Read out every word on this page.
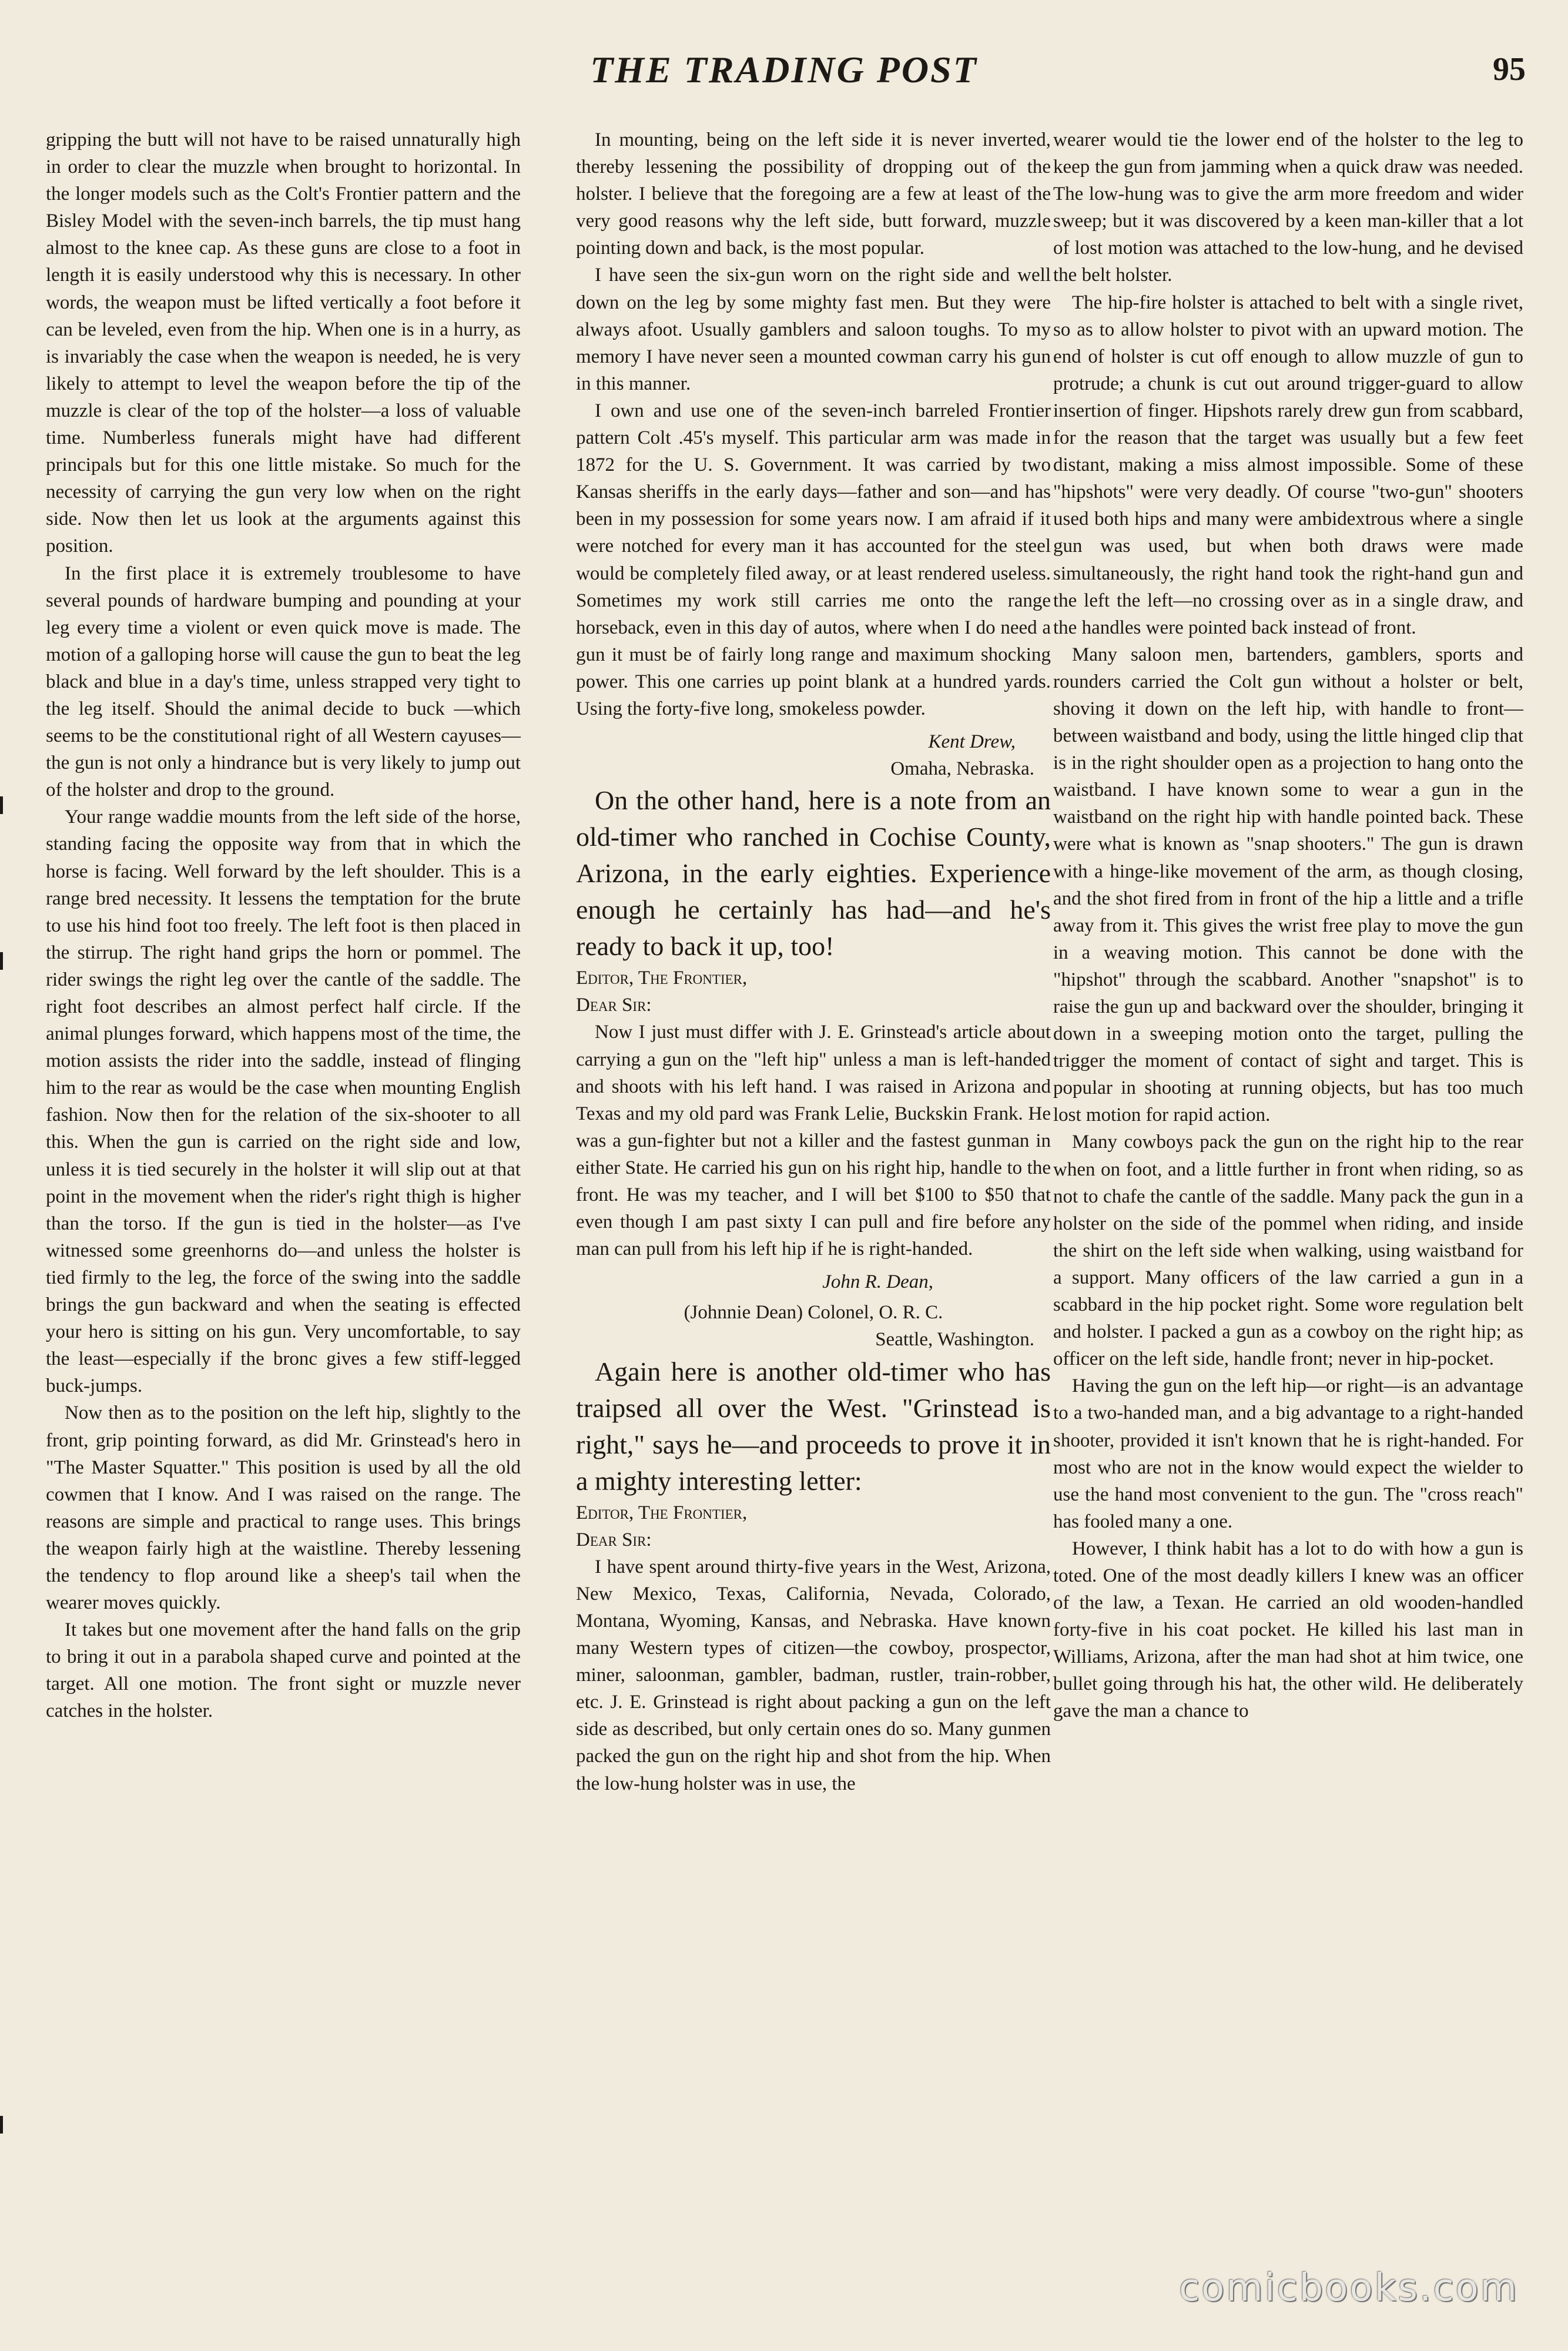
THE TRADING POST	95

gripping the butt will not have to be raised unnaturally high in order to clear the muzzle when brought to horizontal. In the longer models such as the Colt's Frontier pattern and the Bisley Model with the seven-inch barrels, the tip must hang almost to the knee cap. As these guns are close to a foot in length it is easily understood why this is necessary. In other words, the weapon must be lifted vertically a foot before it can be leveled, even from the hip. When one is in a hurry, as is invariably the case when the weapon is needed, he is very likely to attempt to level the weapon before the tip of the muzzle is clear of the top of the holster—a loss of valuable time. Numberless funerals might have had different principals but for this one little mistake. So much for the necessity of carrying the gun very low when on the right side. Now then let us look at the arguments against this position.

In the first place it is extremely troublesome to have several pounds of hardware bumping and pounding at your leg every time a violent or even quick move is made. The motion of a galloping horse will cause the gun to beat the leg black and blue in a day's time, unless strapped very tight to the leg itself. Should the animal decide to buck —which seems to be the constitutional right of all Western cayuses—the gun is not only a hindrance but is very likely to jump out of the holster and drop to the ground.

Your range waddie mounts from the left side of the horse, standing facing the opposite way from that in which the horse is facing. Well forward by the left shoulder. This is a range bred necessity. It lessens the temptation for the brute to use his hind foot too freely. The left foot is then placed in the stirrup. The right hand grips the horn or pommel. The rider swings the right leg over the cantle of the saddle. The right foot describes an almost perfect half circle. If the animal plunges forward, which happens most of the time, the motion assists the rider into the saddle, instead of flinging him to the rear as would be the case when mounting English fashion. Now then for the relation of the six-shooter to all this. When the gun is carried on the right side and low, unless it is tied securely in the holster it will slip out at that point in the movement when the rider's right thigh is higher than the torso. If the gun is tied in the holster—as I've witnessed some greenhorns do—and unless the holster is tied firmly to the leg, the force of the swing into the saddle brings the gun backward and when the seating is effected your hero is sitting on his gun. Very uncomfortable, to say the least—especially if the bronc gives a few stiff-legged buck-jumps.

Now then as to the position on the left hip, slightly to the front, grip pointing forward, as did Mr. Grinstead's hero in "The Master Squatter." This position is used by all the old cowmen that I know. And I was raised on the range. The reasons are simple and practical to range uses. This brings the weapon fairly high at the waistline. Thereby lessening the tendency to flop around like a sheep's tail when the wearer moves quickly.

It takes but one movement after the hand falls on the grip to bring it out in a parabola shaped curve and pointed at the target. All one motion. The front sight or muzzle never catches in the holster.

In mounting, being on the left side it is never inverted, thereby lessening the possibility of dropping out of the holster. I believe that the foregoing are a few at least of the very good reasons why the left side, butt forward, muzzle pointing down and back, is the most popular.

I have seen the six-gun worn on the right side and well down on the leg by some mighty fast men. But they were always afoot. Usually gamblers and saloon toughs. To my memory I have never seen a mounted cowman carry his gun in this manner.

I own and use one of the seven-inch barreled Frontier pattern Colt .45's myself. This particular arm was made in 1872 for the U. S. Government. It was carried by two Kansas sheriffs in the early days—father and son—and has been in my possession for some years now. I am afraid if it were notched for every man it has accounted for the steel would be completely filed away, or at least rendered useless. Sometimes my work still carries me onto the range horseback, even in this day of autos, where when I do need a gun it must be of fairly long range and maximum shocking power. This one carries up point blank at a hundred yards. Using the forty-five long, smokeless powder.

Kent Drew,
Omaha, Nebraska.

On the other hand, here is a note from an old-timer who ranched in Cochise County, Arizona, in the early eighties. Experience enough he certainly has had—and he's ready to back it up, too!

Editor, The Frontier,

Dear Sir:

Now I just must differ with J. E. Grinstead's article about carrying a gun on the "left hip" unless a man is left-handed and shoots with his left hand. I was raised in Arizona and Texas and my old pard was Frank Lelie, Buckskin Frank. He was a gun-fighter but not a killer and the fastest gunman in either State. He carried his gun on his right hip, handle to the front. He was my teacher, and I will bet $100 to $50 that even though I am past sixty I can pull and fire before any man can pull from his left hip if he is right-handed.

John R. Dean,
(Johnnie Dean) Colonel, O. R. C.
Seattle, Washington.

Again here is another old-timer who has traipsed all over the West. "Grinstead is right," says he—and proceeds to prove it in a mighty interesting letter:

Editor, The Frontier,

Dear Sir:

I have spent around thirty-five years in the West, Arizona, New Mexico, Texas, California, Nevada, Colorado, Montana, Wyoming, Kansas, and Nebraska. Have known many Western types of citizen—the cowboy, prospector, miner, saloonman, gambler, badman, rustler, train-robber, etc. J. E. Grinstead is right about packing a gun on the left side as described, but only certain ones do so. Many gunmen packed the gun on the right hip and shot from the hip. When the low-hung holster was in use, the

wearer would tie the lower end of the holster to the leg to keep the gun from jamming when a quick draw was needed. The low-hung was to give the arm more freedom and wider sweep; but it was discovered by a keen man-killer that a lot of lost motion was attached to the low-hung, and he devised the belt holster.

The hip-fire holster is attached to belt with a single rivet, so as to allow holster to pivot with an upward motion. The end of holster is cut off enough to allow muzzle of gun to protrude; a chunk is cut out around trigger-guard to allow insertion of finger. Hipshots rarely drew gun from scabbard, for the reason that the target was usually but a few feet distant, making a miss almost impossible. Some of these "hipshots" were very deadly. Of course "two-gun" shooters used both hips and many were ambidextrous where a single gun was used, but when both draws were made simultaneously, the right hand took the right-hand gun and the left the left—no crossing over as in a single draw, and the handles were pointed back instead of front.

Many saloon men, bartenders, gamblers, sports and rounders carried the Colt gun without a holster or belt, shoving it down on the left hip, with handle to front—between waistband and body, using the little hinged clip that is in the right shoulder open as a projection to hang onto the waistband. I have known some to wear a gun in the waistband on the right hip with handle pointed back. These were what is known as "snap shooters." The gun is drawn with a hinge-like movement of the arm, as though closing, and the shot fired from in front of the hip a little and a trifle away from it. This gives the wrist free play to move the gun in a weaving motion. This cannot be done with the "hipshot" through the scabbard. Another "snapshot" is to raise the gun up and backward over the shoulder, bringing it down in a sweeping motion onto the target, pulling the trigger the moment of contact of sight and target. This is popular in shooting at running objects, but has too much lost motion for rapid action.

Many cowboys pack the gun on the right hip to the rear when on foot, and a little further in front when riding, so as not to chafe the cantle of the saddle. Many pack the gun in a holster on the side of the pommel when riding, and inside the shirt on the left side when walking, using waistband for a support. Many officers of the law carried a gun in a scabbard in the hip pocket right. Some wore regulation belt and holster. I packed a gun as a cowboy on the right hip; as officer on the left side, handle front; never in hip-pocket.

Having the gun on the left hip—or right—is an advantage to a two-handed man, and a big advantage to a right-handed shooter, provided it isn't known that he is right-handed. For most who are not in the know would expect the wielder to use the hand most convenient to the gun. The "cross reach" has fooled many a one.

However, I think habit has a lot to do with how a gun is toted. One of the most deadly killers I knew was an officer of the law, a Texan. He carried an old wooden-handled forty-five in his coat pocket. He killed his last man in Williams, Arizona, after the man had shot at him twice, one bullet going through his hat, the other wild. He deliberately gave the man a chance to

comicbooks.com
